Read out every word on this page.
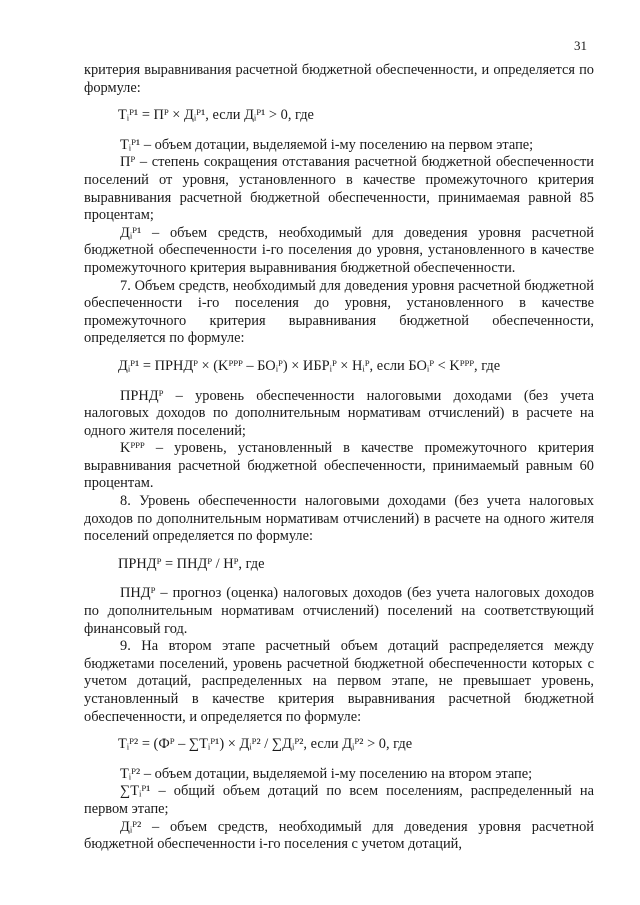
31

критерия выравнивания расчетной бюджетной обеспеченности, и определяется по формуле:

Tᵢᴾ¹ = Пᴾ × Дᵢᴾ¹, если Дᵢᴾ¹ > 0, где

Tᵢᴾ¹ – объем дотации, выделяемой i-му поселению на первом этапе;

Пᴾ – степень сокращения отставания расчетной бюджетной обеспеченности поселений от уровня, установленного в качестве промежуточного критерия выравнивания расчетной бюджетной обеспеченности, принимаемая равной 85 процентам;

Дᵢᴾ¹ – объем средств, необходимый для доведения уровня расчетной бюджетной обеспеченности i-го поселения до уровня, установленного в качестве промежуточного критерия выравнивания бюджетной обеспеченности.

7. Объем средств, необходимый для доведения уровня расчетной бюджетной обеспеченности i-го поселения до уровня, установленного в качестве промежуточного критерия выравнивания бюджетной обеспеченности, определяется по формуле:

Дᵢᴾ¹ = ПРНДᴾ × (Kᴾᴾᴾ – БОᵢᴾ) × ИБРᵢᴾ × Hᵢᴾ, если БОᵢᴾ < Kᴾᴾᴾ, где

ПРНДᴾ – уровень обеспеченности налоговыми доходами (без учета налоговых доходов по дополнительным нормативам отчислений) в расчете на одного жителя поселений;

Kᴾᴾᴾ – уровень, установленный в качестве промежуточного критерия выравнивания расчетной бюджетной обеспеченности, принимаемый равным 60 процентам.

8. Уровень обеспеченности налоговыми доходами (без учета налоговых доходов по дополнительным нормативам отчислений) в расчете на одного жителя поселений определяется по формуле:

ПРНДᴾ = ПНДᴾ / Hᴾ, где

ПНДᴾ – прогноз (оценка) налоговых доходов (без учета налоговых доходов по дополнительным нормативам отчислений) поселений на соответствующий финансовый год.

9. На втором этапе расчетный объем дотаций распределяется между бюджетами поселений, уровень расчетной бюджетной обеспеченности которых с учетом дотаций, распределенных на первом этапе, не превышает уровень, установленный в качестве критерия выравнивания расчетной бюджетной обеспеченности, и определяется по формуле:

Tᵢᴾ² = (Фᴾ – ∑Tᵢᴾ¹) × Дᵢᴾ² / ∑Дᵢᴾ², если Дᵢᴾ² > 0, где

Tᵢᴾ² – объем дотации, выделяемой i-му поселению на втором этапе;

∑Tᵢᴾ¹ – общий объем дотаций по всем поселениям, распределенный на первом этапе;

Дᵢᴾ² – объем средств, необходимый для доведения уровня расчетной бюджетной обеспеченности i-го поселения с учетом дотаций,
